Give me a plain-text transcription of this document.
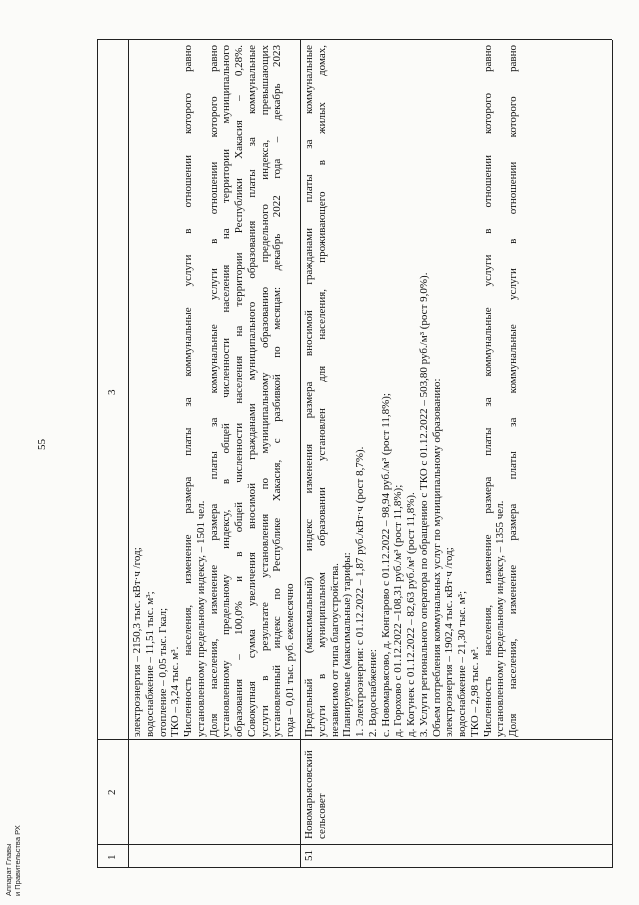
55
1
2
3
электроэнергия – 2150,3 тыс. кВт·ч /год; водоснабжение – 11,51 тыс. м³; отопление – 0,05 тыс. Гкал; ТКО – 3,24 тыс. м³. Численность населения, изменение размера платы за коммунальные услуги в отношении которого равно установленному предельному индексу, – 1501 чел. Доля населения, изменение размера платы за коммунальные услуги в отношении которого равно установленному предельному индексу, в общей численности населения на территории муниципального образования – 100,0% и в общей численности населения на территории Республики Хакасия – 0,28%. Совокупная сумма увеличения вносимой гражданами муниципального образования платы за коммунальные услуги в результате установления по муниципальному образованию предельного индекса, превышающих установленный индекс по Республике Хакасия, с разбивкой по месяцам: декабрь 2022 года – декабрь 2023 года – 0,01 тыс. руб. ежемесячно
51
Новомарьясовский сельсовет
Предельный (максимальный) индекс изменения размера вносимой гражданами платы за коммунальные услуги в муниципальном образовании установлен для населения, проживающего в жилых домах, независимо от типа благоустройства. Планируемые (максимальные) тарифы: 1. Электроэнергия: с 01.12.2022 – 1,87 руб./кВт·ч (рост 8,7%). 2. Водоснабжение: с. Новомарьясово, д. Конгарово с 01.12.2022 – 98,94 руб./м³ (рост 11,8%); д. Горохово с 01.12.2022 –108,31 руб./м³ (рост 11,8%); д. Когунек с 01.12.2022 – 82,63 руб./м³ (рост 11,8%). 3. Услуги регионального оператора по обращению с ТКО с 01.12.2022 – 503,80 руб./м³ (рост 9,0%). Объем потребления коммунальных услуг по муниципальному образованию: электроэнергия – 1902,4 тыс. кВт·ч /год; водоснабжение – 21,30 тыс. м³; ТКО – 2,98 тыс. м³. Численность населения, изменение размера платы за коммунальные услуги в отношении которого равно установленному предельному индексу, – 1355 чел. Доля населения, изменение размера платы за коммунальные услуги в отношении которого равно
Аппарат Главы и Правительства РХ
